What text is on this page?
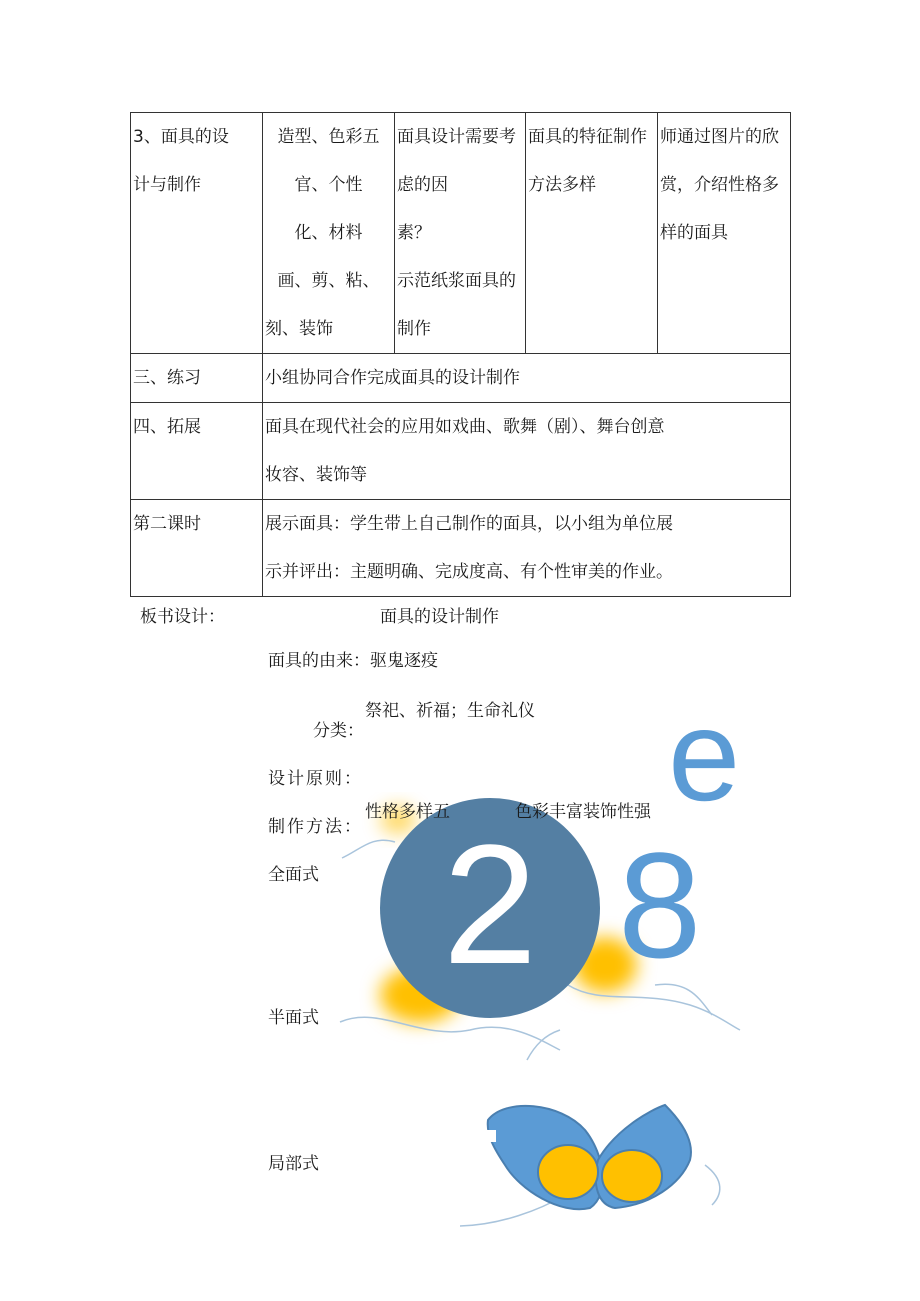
3、面具的设
计与制作	造型、色彩五
官、个性
化、材料
画、剪、粘、
刻、装饰	面具设计需要考
虑的因
素？
示范纸浆面具的
制作	面具的特征制作
方法多样	师通过图片的欣
赏，介绍性格多
样的面具

三、练习	小组协同合作完成面具的设计制作			
四、拓展	面具在现代社会的应用如戏曲、歌舞（剧）、舞台创意
妆容、装饰等			

第二课时	展示面具：学生带上自己制作的面具，以小组为单位展
示并评出：主题明确、完成度高、有个性审美的作业。			
2
e
8
板书设计：	面具的设计制作
面具的由来：驱鬼逐疫
祭祀、祈福；生命礼仪
分类：
设计原则：
性格多样五	色彩丰富装饰性强
制作方法：
全面式
半面式
局部式
